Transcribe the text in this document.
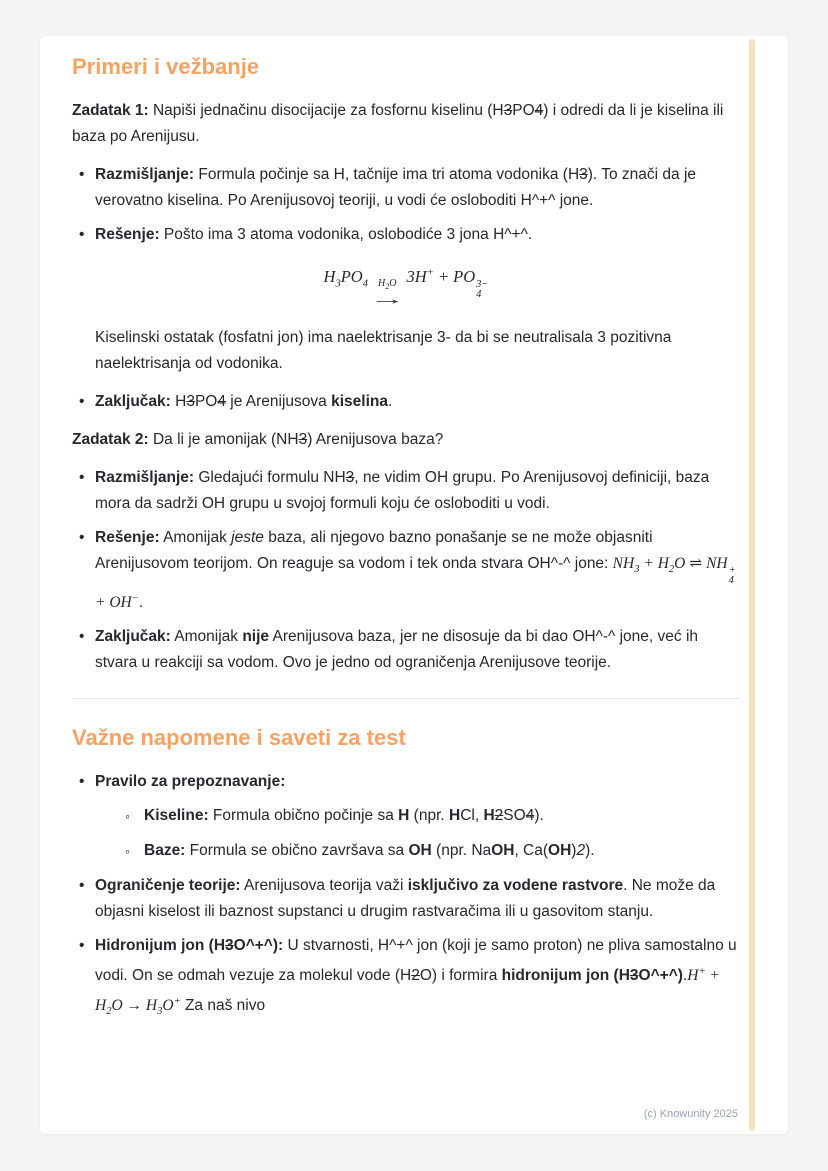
Primeri i vežbanje
Zadatak 1: Napiši jednačinu disocijacije za fosfornu kiselinu (H3PO4) i odredi da li je kiselina ili baza po Arenijusu.
• Razmišljanje: Formula počinje sa H, tačnije ima tri atoma vodonika (H3). To znači da je verovatno kiselina. Po Arenijusovoj teoriji, u vodi će osloboditi H^+^ jone.
• Rešenje: Pošto ima 3 atoma vodonika, oslobodiće 3 jona H^+^.
$H_3PO_4$ $H_2O$
→
3H+ + PO 3−
4
Kiselinski ostatak (fosfatni jon) ima naelektrisanje 3- da bi se neutralisala 3 pozitivna naelektrisanja od vodonika.
• Zaključak: H3PO4 je Arenijusova kiselina.
Zadatak 2: Da li je amonijak (NH3) Arenijusova baza?
• Razmišljanje: Gledajući formulu NH3, ne vidim OH grupu. Po Arenijusovoj definiciji, baza mora da sadrži OH grupu u svojoj formuli koju će osloboditi u vodi.
• Rešenje: Amonijak jeste baza, ali njegovo bazno ponašanje se ne može objasniti Arenijusovom teorijom. On reaguje sa vodom i tek onda stvara OH^-^ jone: $NH_3 + H_2O$ ⇌ NH +
4
+ OH−.
• Zaključak: Amonijak nije Arenijusova baza, jer ne disosuje da bi dao OH^-^ jone, već ih stvara u reakciji sa vodom. Ovo je jedno od ograničenja Arenijusove teorije.
Važne napomene i saveti za test
• Pravilo za prepoznavanje:
◦ Kiseline: Formula obično počinje sa H (npr. HCl, H2SO4).
◦ Baze: Formula se obično završava sa OH (npr. NaOH, Ca(OH)2).
• Ograničenje teorije: Arenijusova teorija važi isključivo za vodene rastvore. Ne može da objasni kiselost ili baznost supstanci u drugim rastvaračima ili u gasovitom stanju.
• Hidronijum jon (H3O^+^): U stvarnosti, H^+^ jon (koji je samo proton) ne pliva samostalno u vodi. On se odmah vezuje za molekul vode (H2O) i formira hidronijum jon (H3O^+^).H+ + $H_2O \to H_3O^+$ Za naš nivo
(c) Knowunity 2025
